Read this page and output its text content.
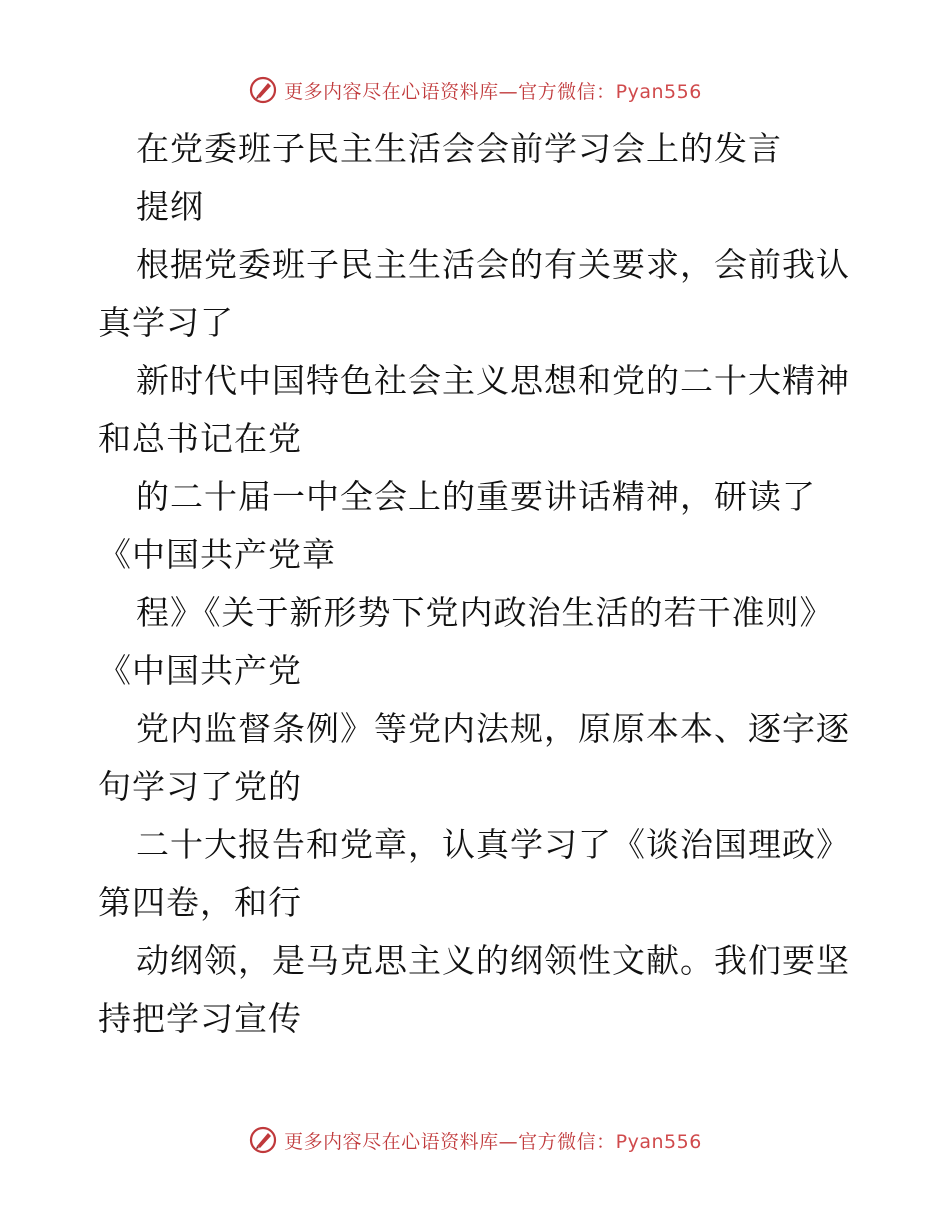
更多内容尽在心语资料库—官方微信：Pyan556
在党委班子民主生活会会前学习会上的发言
提纲
根据党委班子民主生活会的有关要求，会前我认
真学习了
新时代中国特色社会主义思想和党的二十大精神
和总书记在党
的二十届一中全会上的重要讲话精神，研读了
《中国共产党章
程》《关于新形势下党内政治生活的若干准则》
《中国共产党
党内监督条例》等党内法规，原原本本、逐字逐
句学习了党的
二十大报告和党章，认真学习了《谈治国理政》
第四卷，和行
动纲领，是马克思主义的纲领性文献。我们要坚
持把学习宣传
更多内容尽在心语资料库—官方微信：Pyan556
